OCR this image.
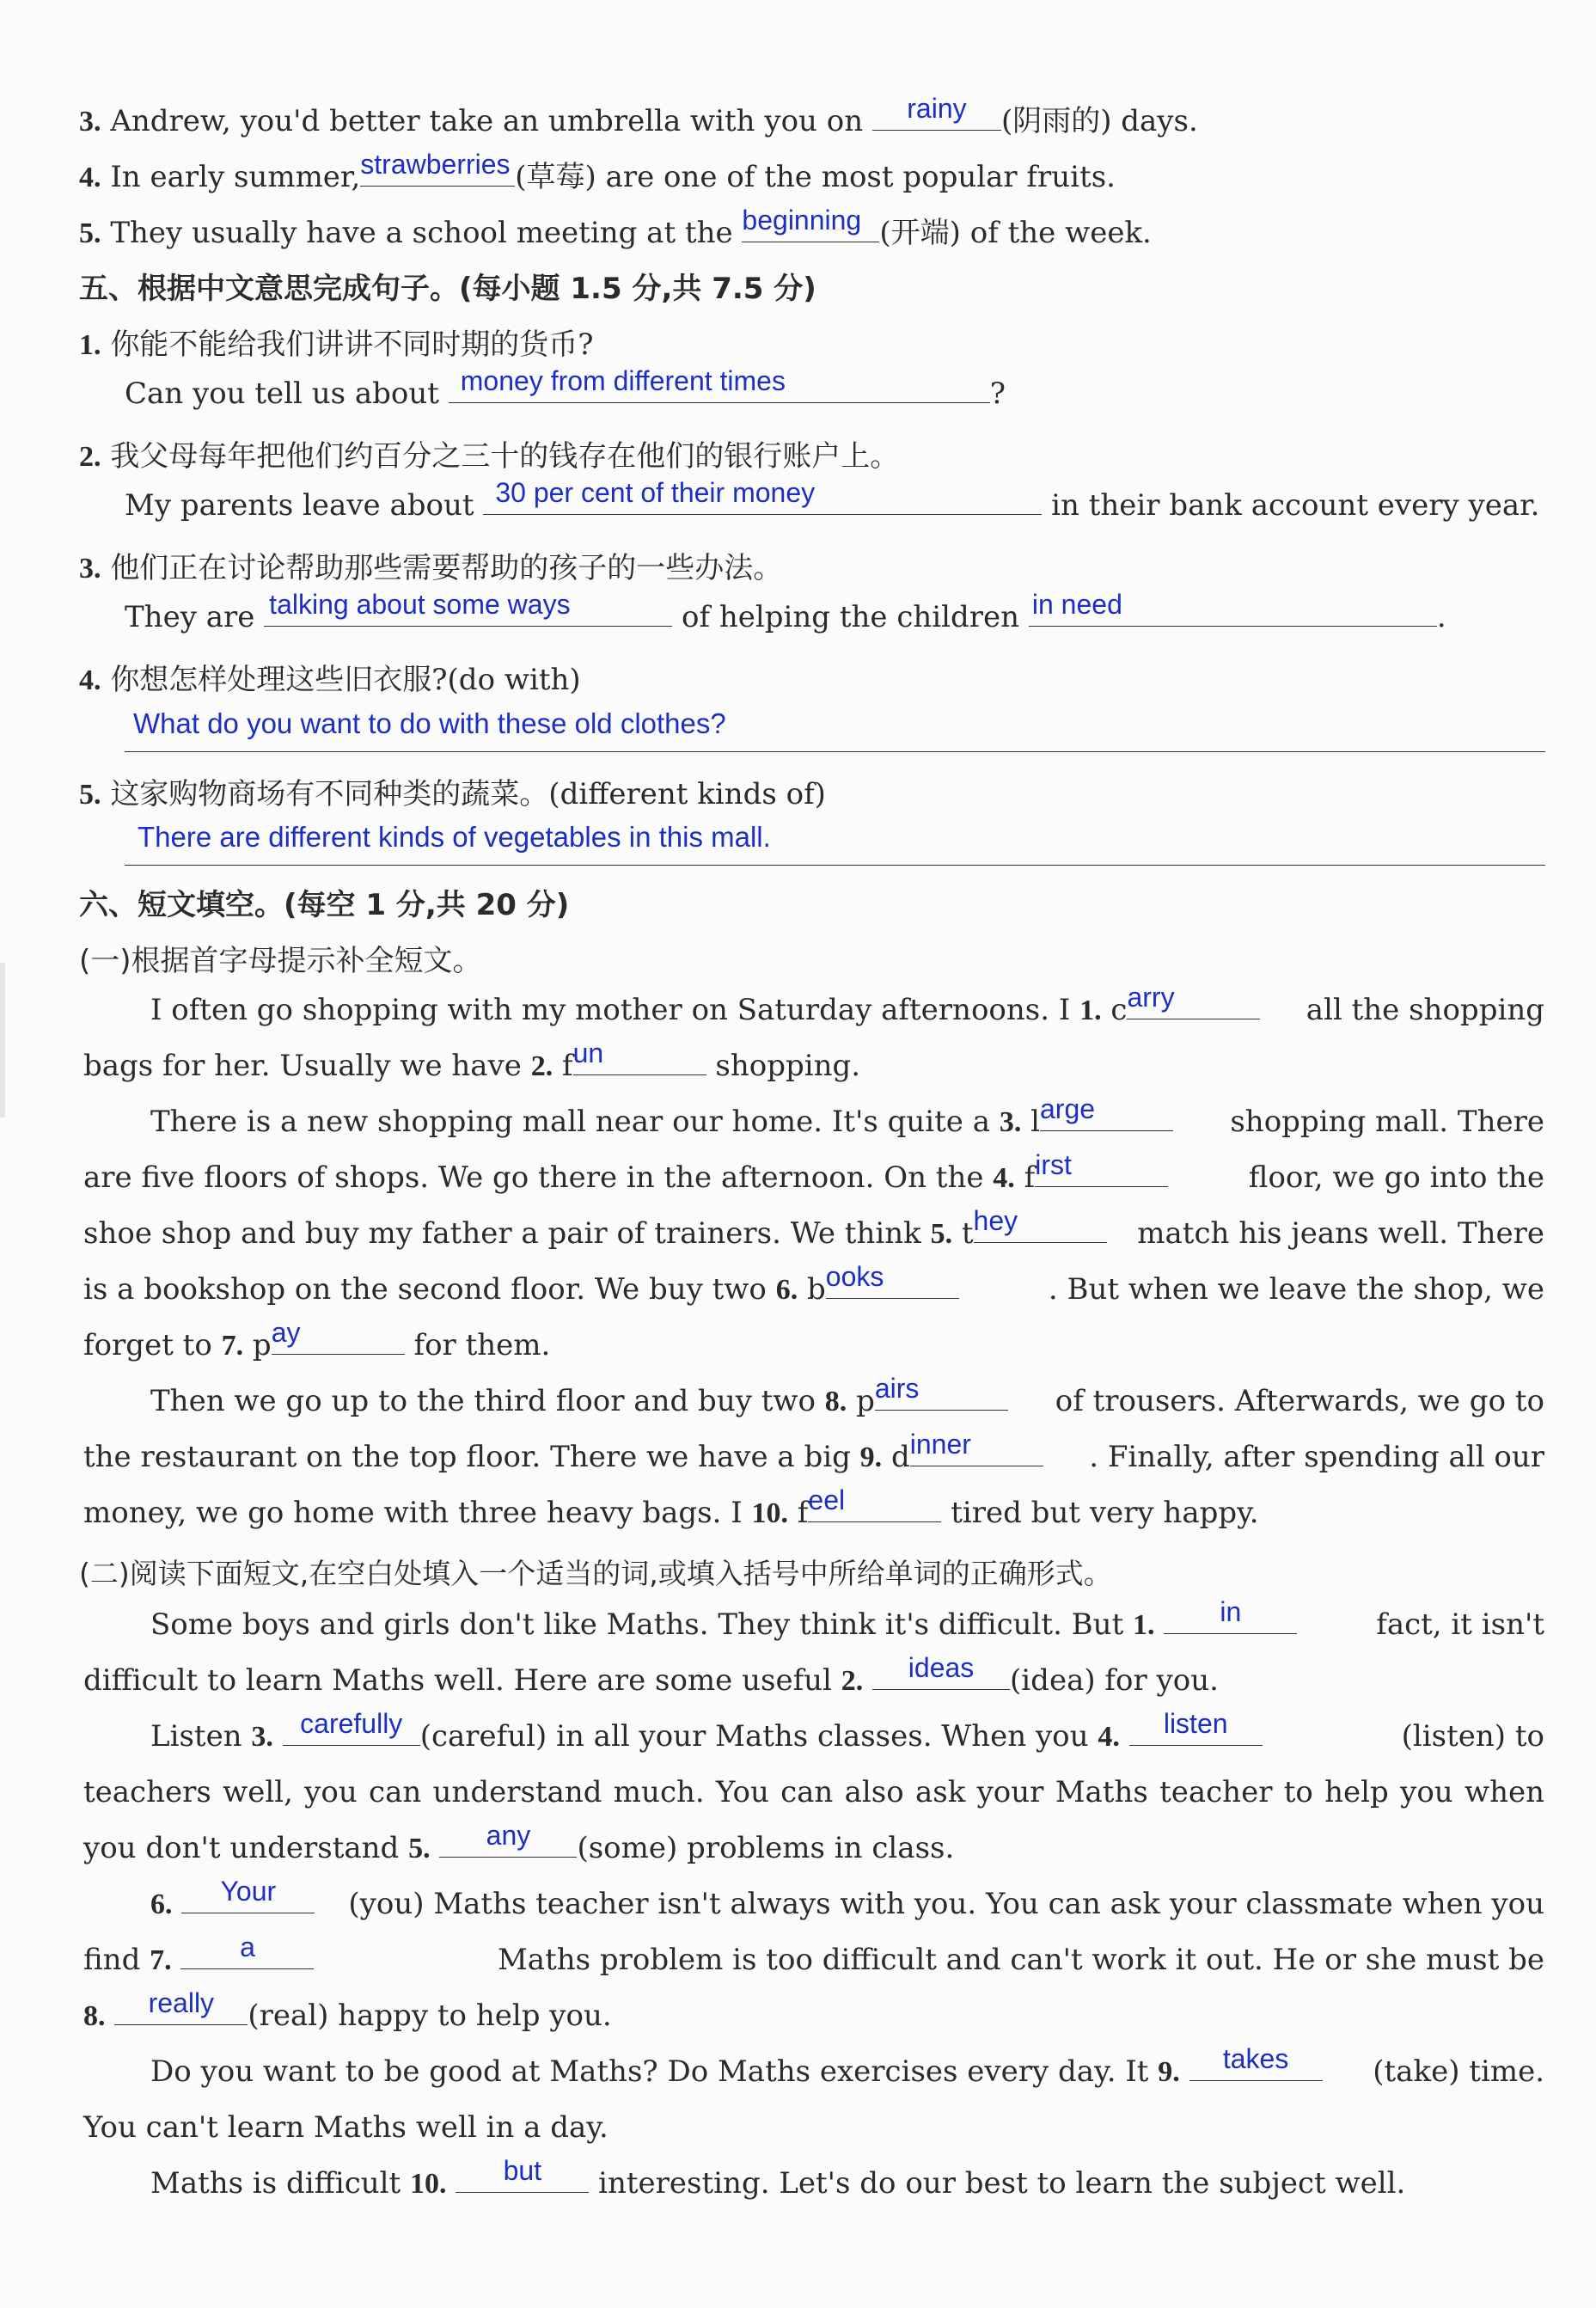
3. Andrew, you'd better take an umbrella with you on	rainy	(阴雨的) days.
4. In early summer, strawberries (草莓) are one of the most popular fruits.
5. They usually have a school meeting at the beginning (开端) of the week.
五、根据中文意思完成句子。(每小题 1.5 分,共 7.5 分)
1. 你能不能给我们讲讲不同时期的货币?
Can you tell us about money from different times	?
2. 我父母每年把他们约百分之三十的钱存在他们的银行账户上。
My parents leave about 30 per cent of their money	in their bank account every year.
3. 他们正在讨论帮助那些需要帮助的孩子的一些办法。
They are talking about some ways	of helping the children in need	.
4. 你想怎样处理这些旧衣服?(do with)
What do you want to do with these old clothes?
5. 这家购物商场有不同种类的蔬菜。(different kinds of)
There are different kinds of vegetables in this mall.
六、短文填空。(每空 1 分,共 20 分)
(一)根据首字母提示补全短文。
I often go shopping with my mother on Saturday afternoons. I 1. c arry	all the shopping
bags for her. Usually we have 2. f un	shopping.
There is a new shopping mall near our home. It's quite a 3. l arge	shopping mall. There
are five floors of shops. We go there in the afternoon. On the 4. f irst	floor, we go into the
shoe shop and buy my father a pair of trainers. We think 5. t hey	match his jeans well. There
is a bookshop on the second floor. We buy two 6. b ooks	. But when we leave the shop, we
forget to 7. p ay	for them.
Then we go up to the third floor and buy two 8. p airs	of trousers. Afterwards, we go to
the restaurant on the top floor. There we have a big 9. d inner	. Finally, after spending all our
money, we go home with three heavy bags. I 10. f eel	tired but very happy.
(二)阅读下面短文,在空白处填入一个适当的词,或填入括号中所给单词的正确形式。
Some boys and girls don't like Maths. They think it's difficult. But 1.	in	fact, it isn't
difficult to learn Maths well. Here are some useful 2.	ideas	(idea) for you.
Listen 3. carefully (careful) in all your Maths classes. When you 4.	listen	(listen) to
teachers well, you can understand much. You can also ask your Maths teacher to help you when
you don't understand 5.	any	(some) problems in class.
6.	Your	(you) Maths teacher isn't always with you. You can ask your classmate when you
find 7.	a	Maths problem is too difficult and can't work it out. He or she must be
8.	really	(real) happy to help you.
Do you want to be good at Maths? Do Maths exercises every day. It 9.	takes	(take) time.
You can't learn Maths well in a day.
Maths is difficult 10.	but	interesting. Let's do our best to learn the subject well.
